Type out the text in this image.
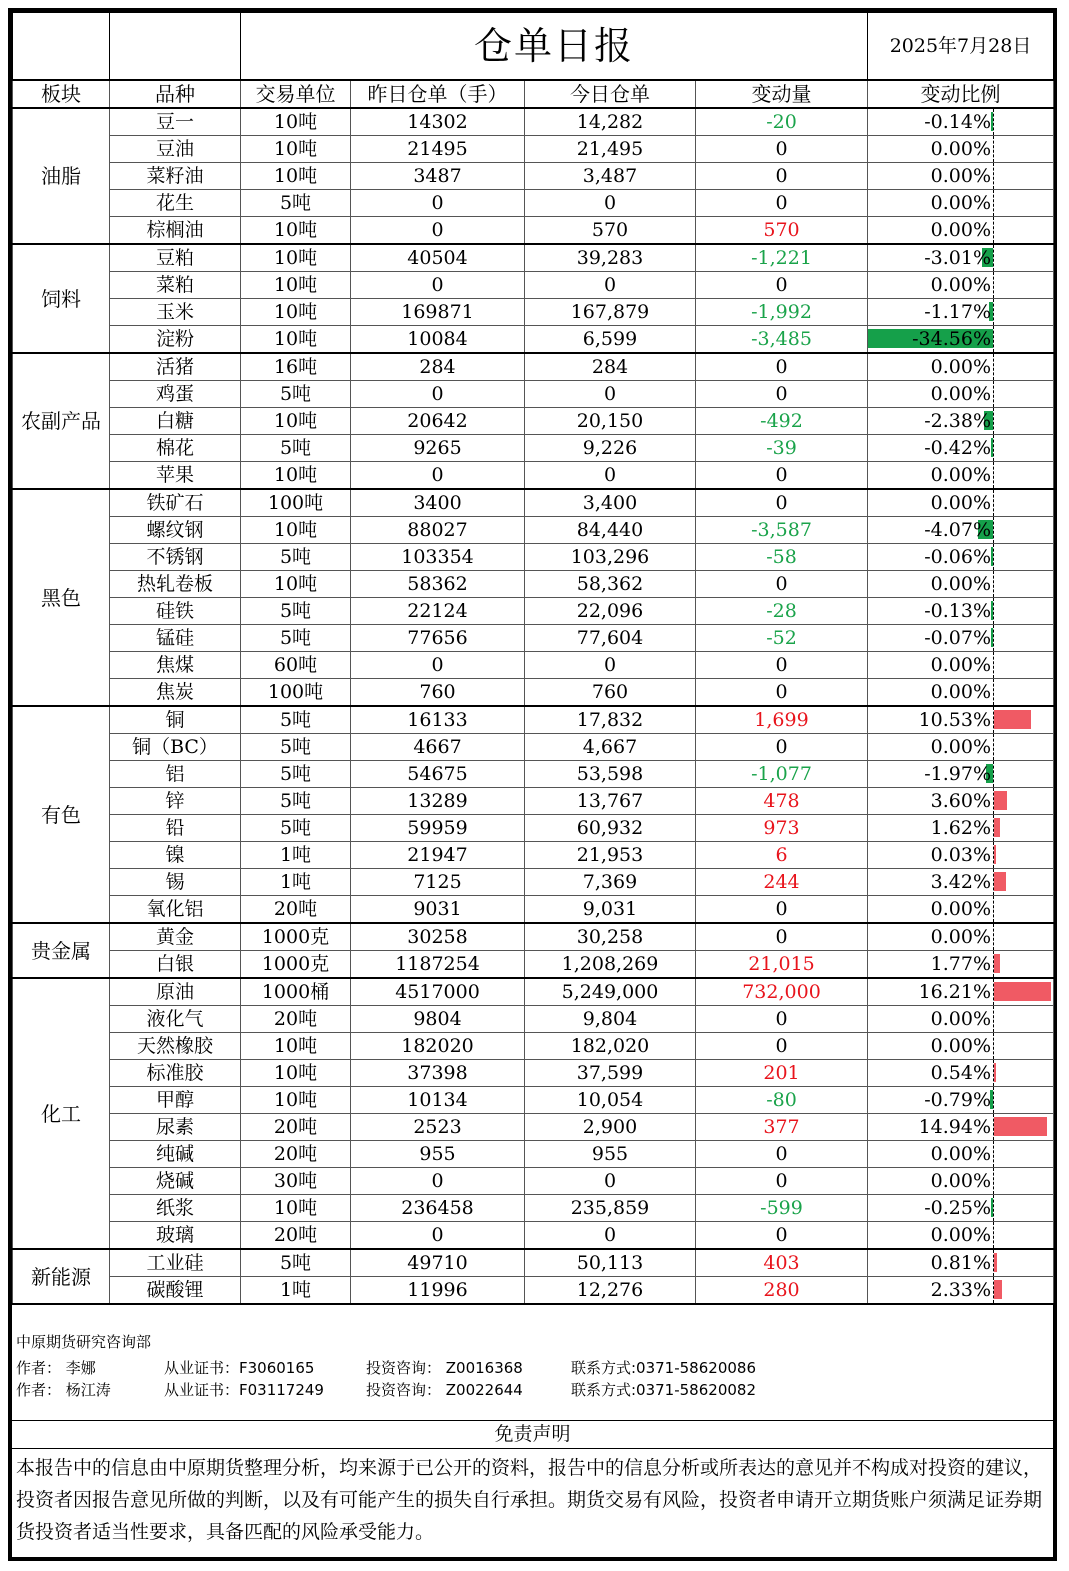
		仓单日报				2025年7月28日
板块	品种	交易单位	昨日仓单（手）	今日仓单	变动量	变动比例
油脂	豆一	10吨	14302	14,282	-20	-0.14%

	豆油	10吨	21495	21,495	0	0.00%

	菜籽油	10吨	3487	3,487	0	0.00%

	花生	5吨	0	0	0	0.00%

	棕榈油	10吨	0	570	570	0.00%

饲料	豆粕	10吨	40504	39,283	-1,221	-3.01%

	菜粕	10吨	0	0	0	0.00%

	玉米	10吨	169871	167,879	-1,992	-1.17%

	淀粉	10吨	10084	6,599	-3,485	-34.56%

农副产品	活猪	16吨	284	284	0	0.00%

	鸡蛋	5吨	0	0	0	0.00%

	白糖	10吨	20642	20,150	-492	-2.38%

	棉花	5吨	9265	9,226	-39	-0.42%

	苹果	10吨	0	0	0	0.00%

黑色	铁矿石	100吨	3400	3,400	0	0.00%

	螺纹钢	10吨	88027	84,440	-3,587	-4.07%

	不锈钢	5吨	103354	103,296	-58	-0.06%

	热轧卷板	10吨	58362	58,362	0	0.00%

	硅铁	5吨	22124	22,096	-28	-0.13%

	锰硅	5吨	77656	77,604	-52	-0.07%

	焦煤	60吨	0	0	0	0.00%

	焦炭	100吨	760	760	0	0.00%

有色	铜	5吨	16133	17,832	1,699	10.53%

	铜（BC）	5吨	4667	4,667	0	0.00%

	铝	5吨	54675	53,598	-1,077	-1.97%

	锌	5吨	13289	13,767	478	3.60%

	铅	5吨	59959	60,932	973	1.62%

	镍	1吨	21947	21,953	6	0.03%

	锡	1吨	7125	7,369	244	3.42%

	氧化铝	20吨	9031	9,031	0	0.00%

贵金属	黄金	1000克	30258	30,258	0	0.00%

	白银	1000克	1187254	1,208,269	21,015	1.77%

化工	原油	1000桶	4517000	5,249,000	732,000	16.21%

	液化气	20吨	9804	9,804	0	0.00%

	天然橡胶	10吨	182020	182,020	0	0.00%

	标准胶	10吨	37398	37,599	201	0.54%

	甲醇	10吨	10134	10,054	-80	-0.79%

	尿素	20吨	2523	2,900	377	14.94%

	纯碱	20吨	955	955	0	0.00%

	烧碱	30吨	0	0	0	0.00%

	纸浆	10吨	236458	235,859	-599	-0.25%

	玻璃	20吨	0	0	0	0.00%

新能源	工业硅	5吨	49710	50,113	403	0.81%

	碳酸锂	1吨	11996	12,276	280	2.33%
中原期货研究咨询部
作者： 李娜	从业证书：F3060165	投资咨询： Z0016368	联系方式:0371-58620086
作者： 杨江涛	从业证书：F03117249	投资咨询： Z0022644	联系方式:0371-58620082
免责声明
本报告中的信息由中原期货整理分析，均来源于已公开的资料，报告中的信息分析或所表达的意见并不构成对投资的建议，投资者因报告意见所做的判断，以及有可能产生的损失自行承担。期货交易有风险，投资者申请开立期货账户须满足证券期货投资者适当性要求，具备匹配的风险承受能力。
